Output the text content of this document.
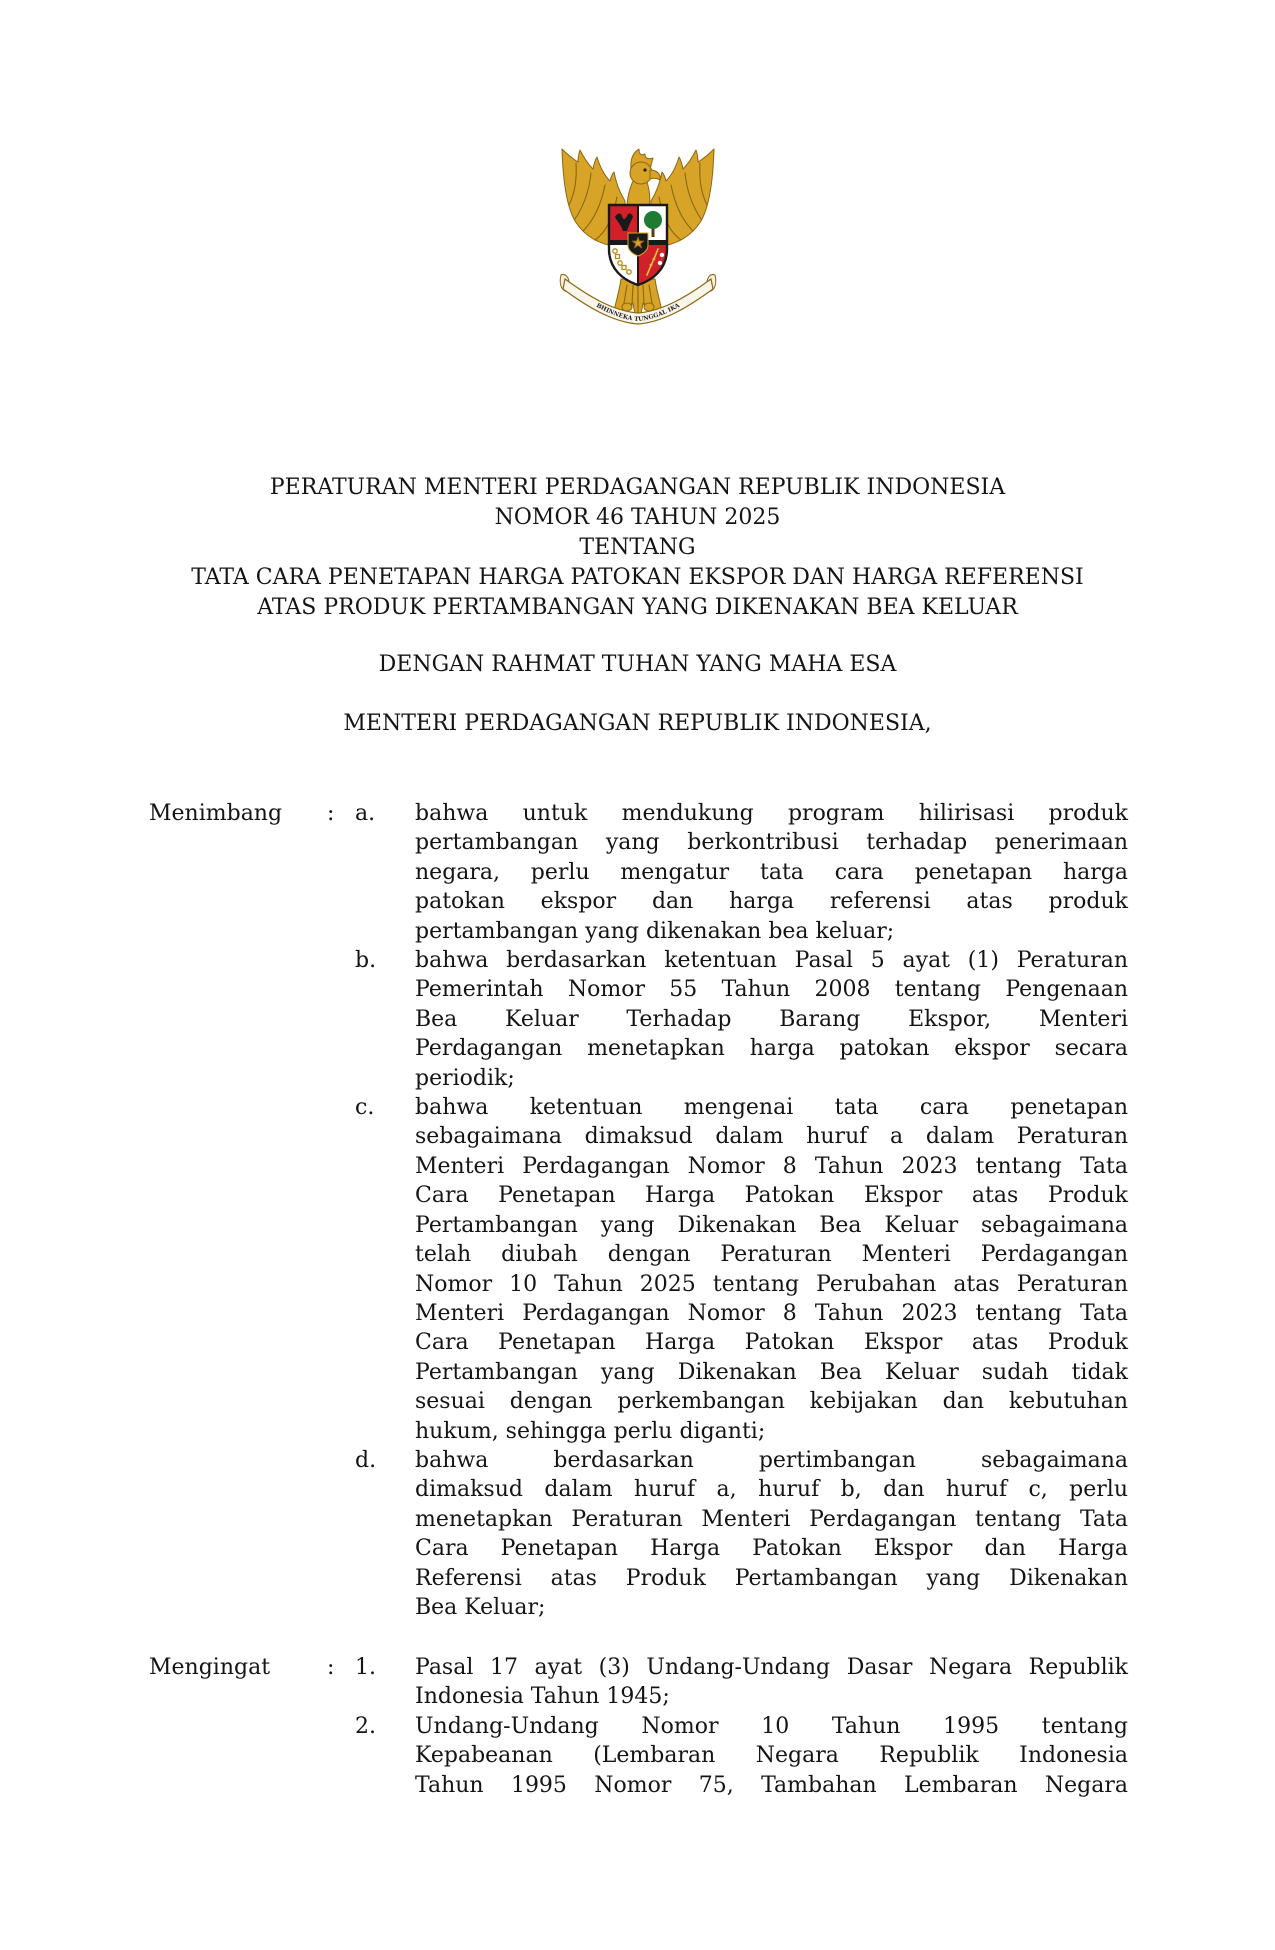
BHINNEKA TUNGGAL IKA
PERATURAN MENTERI PERDAGANGAN REPUBLIK INDONESIA
NOMOR 46 TAHUN 2025
TENTANG
TATA CARA PENETAPAN HARGA PATOKAN EKSPOR DAN HARGA REFERENSI
ATAS PRODUK PERTAMBANGAN YANG DIKENAKAN BEA KELUAR
DENGAN RAHMAT TUHAN YANG MAHA ESA
MENTERI PERDAGANGAN REPUBLIK INDONESIA,
Menimbang	: a.	bahwa untuk mendukung program hilirisasi produk
pertambangan yang berkontribusi terhadap penerimaan
negara, perlu mengatur tata cara penetapan harga
patokan ekspor dan harga referensi atas produk
pertambangan yang dikenakan bea keluar;
b.	bahwa berdasarkan ketentuan Pasal 5 ayat (1) Peraturan
Pemerintah Nomor 55 Tahun 2008 tentang Pengenaan
Bea Keluar Terhadap Barang Ekspor, Menteri
Perdagangan menetapkan harga patokan ekspor secara
periodik;
c.	bahwa ketentuan mengenai tata cara penetapan
sebagaimana dimaksud dalam huruf a dalam Peraturan
Menteri Perdagangan Nomor 8 Tahun 2023 tentang Tata
Cara Penetapan Harga Patokan Ekspor atas Produk
Pertambangan yang Dikenakan Bea Keluar sebagaimana
telah diubah dengan Peraturan Menteri Perdagangan
Nomor 10 Tahun 2025 tentang Perubahan atas Peraturan
Menteri Perdagangan Nomor 8 Tahun 2023 tentang Tata
Cara Penetapan Harga Patokan Ekspor atas Produk
Pertambangan yang Dikenakan Bea Keluar sudah tidak
sesuai dengan perkembangan kebijakan dan kebutuhan
hukum, sehingga perlu diganti;
d.	bahwa berdasarkan pertimbangan sebagaimana
dimaksud dalam huruf a, huruf b, dan huruf c, perlu
menetapkan Peraturan Menteri Perdagangan tentang Tata
Cara Penetapan Harga Patokan Ekspor dan Harga
Referensi atas Produk Pertambangan yang Dikenakan
Bea Keluar;
Mengingat	: 1.	Pasal 17 ayat (3) Undang-Undang Dasar Negara Republik
Indonesia Tahun 1945;
2.	Undang-Undang Nomor 10 Tahun 1995 tentang
Kepabeanan (Lembaran Negara Republik Indonesia
Tahun 1995 Nomor 75, Tambahan Lembaran Negara
